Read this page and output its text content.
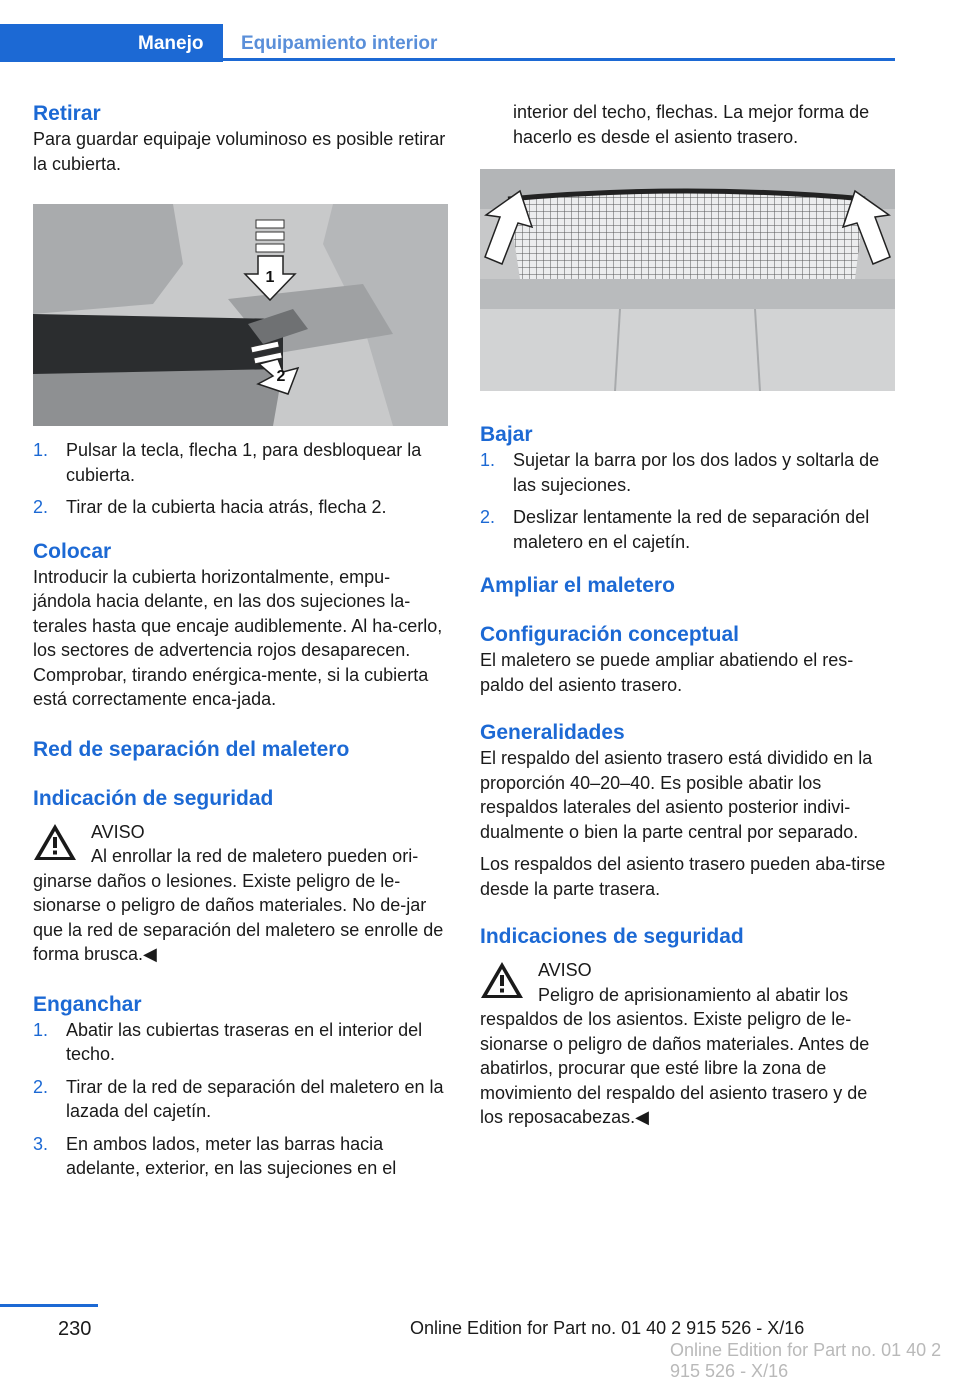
Manejo Equipamiento interior
Retirar

Para guardar equipaje voluminoso es posible retirar la cubierta.

1
2
1. Pulsar la tecla, flecha 1, para desbloquear la cubierta.
2. Tirar de la cubierta hacia atrás, flecha 2.
Colocar

Introducir la cubierta horizontalmente, empu‐jándola hacia delante, en las dos sujeciones la‐terales hasta que encaje audiblemente. Al ha‐cerlo, los sectores de advertencia rojos desaparecen. Comprobar, tirando enérgica‐mente, si la cubierta está correctamente enca‐jada.

Red de separación del maletero
Indicación de seguridad

AVISO

Al enrollar la red de maletero pueden ori‐ginarse daños o lesiones. Existe peligro de le‐sionarse o peligro de daños materiales. No de‐jar que la red de separación del maletero se enrolle de forma brusca.◀

Enganchar
1. Abatir las cubiertas traseras en el interior del techo.
2. Tirar de la red de separación del maletero en la lazada del cajetín.
3. En ambos lados, meter las barras hacia adelante, exterior, en las sujeciones en el

interior del techo, flechas. La mejor forma de hacerlo es desde el asiento trasero.

Bajar
1. Sujetar la barra por los dos lados y soltarla de las sujeciones.
2. Deslizar lentamente la red de separación del maletero en el cajetín.
Ampliar el maletero
Configuración conceptual

El maletero se puede ampliar abatiendo el res‐paldo del asiento trasero.

Generalidades

El respaldo del asiento trasero está dividido en la proporción 40–20–40. Es posible abatir los respaldos laterales del asiento posterior indivi‐dualmente o bien la parte central por separado.

Los respaldos del asiento trasero pueden aba‐tirse desde la parte trasera.

Indicaciones de seguridad

AVISO

Peligro de aprisionamiento al abatir los respaldos de los asientos. Existe peligro de le‐sionarse o peligro de daños materiales. Antes de abatirlos, procurar que esté libre la zona de movimiento del respaldo del asiento trasero y de los reposacabezas.◀

230	Online Edition for Part no. 01 40 2 915 526 - X/16
Online Edition for Part no. 01 40 2 915 526 - X/16
